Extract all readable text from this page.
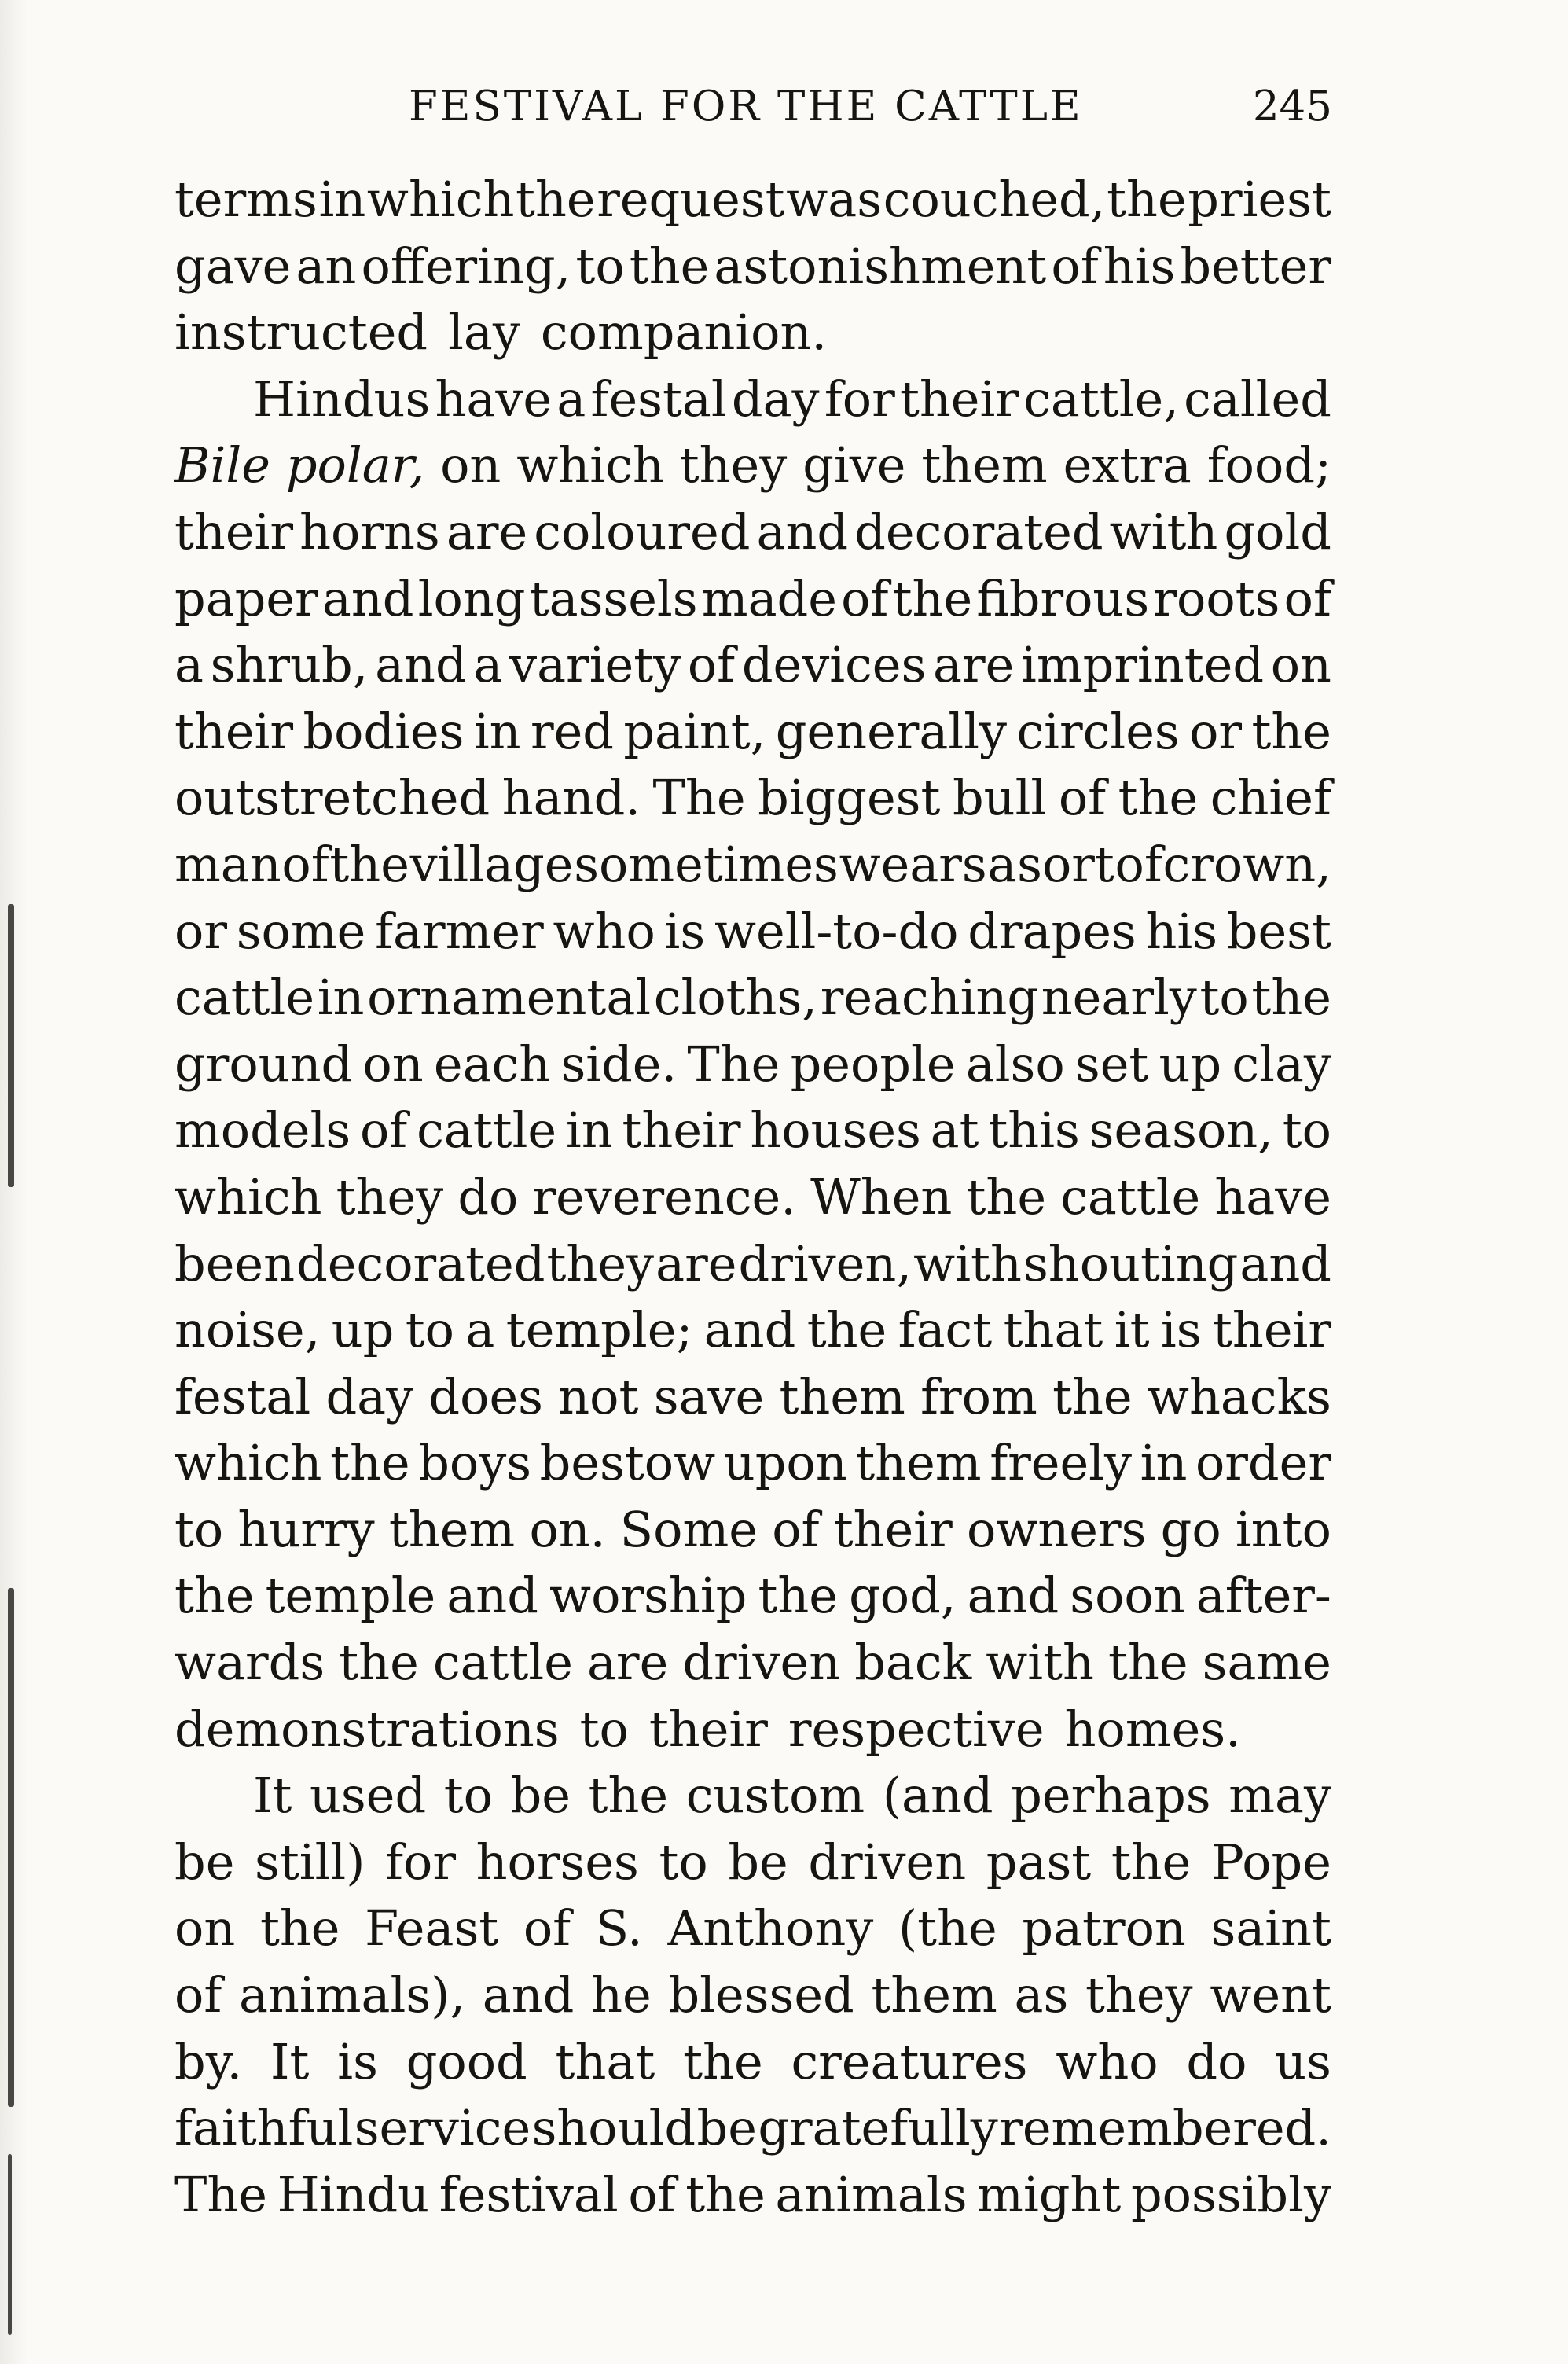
FESTIVAL FOR THE CATTLE	245
terms in which the request was couched, the priest
gave an offering, to the astonishment of his better
instructed lay companion.
Hindus have a festal day for their cattle, called
Bile polar, on which they give them extra food;
their horns are coloured and decorated with gold
paper and long tassels made of the fibrous roots of
a shrub, and a variety of devices are imprinted on
their bodies in red paint, generally circles or the
outstretched hand. The biggest bull of the chief
man of the village sometimes wears a sort of crown,
or some farmer who is well-to-do drapes his best
cattle in ornamental cloths, reaching nearly to the
ground on each side. The people also set up clay
models of cattle in their houses at this season, to
which they do reverence. When the cattle have
been decorated they are driven, with shouting and
noise, up to a temple; and the fact that it is their
festal day does not save them from the whacks
which the boys bestow upon them freely in order
to hurry them on. Some of their owners go into
the temple and worship the god, and soon after-
wards the cattle are driven back with the same
demonstrations to their respective homes.
It used to be the custom (and perhaps may
be still) for horses to be driven past the Pope
on the Feast of S. Anthony (the patron saint
of animals), and he blessed them as they went
by. It is good that the creatures who do us
faithful service should be gratefully remembered.
The Hindu festival of the animals might possibly
